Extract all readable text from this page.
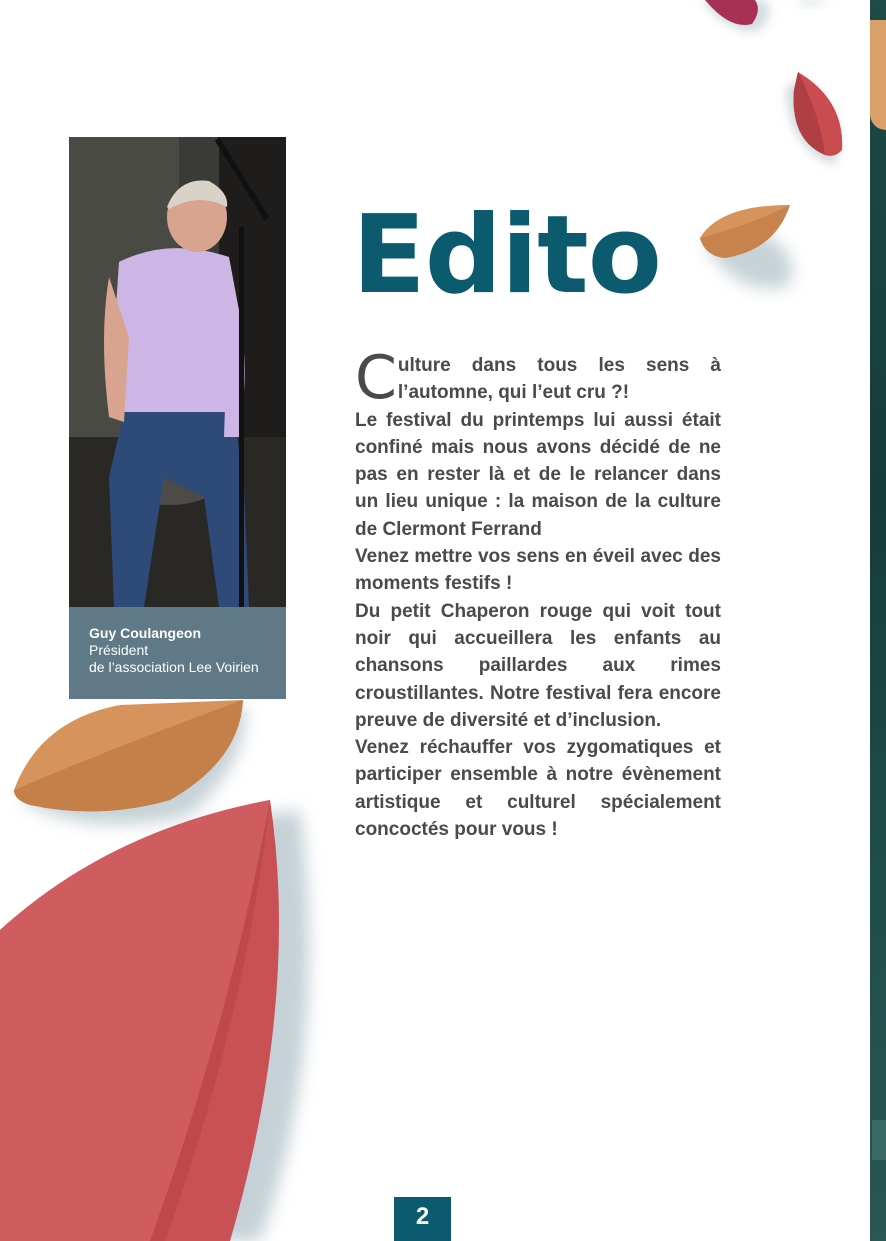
Guy Coulangeon
Président
de l’association Lee Voirien
Edito

Culture dans tous les sens à l’automne, qui l’eut cru ?!

Le festival du printemps lui aussi était confiné mais nous avons décidé de ne pas en rester là et de le relancer dans un lieu unique : la maison de la culture de Clermont Ferrand

Venez mettre vos sens en éveil avec des moments festifs !

Du petit Chaperon rouge qui voit tout noir qui accueillera les enfants au chansons paillardes aux rimes croustillantes. Notre festival fera encore preuve de diversité et d’inclusion.

Venez réchauffer vos zygomatiques et participer ensemble à notre évènement artistique et culturel spécialement concoctés pour vous !

2
